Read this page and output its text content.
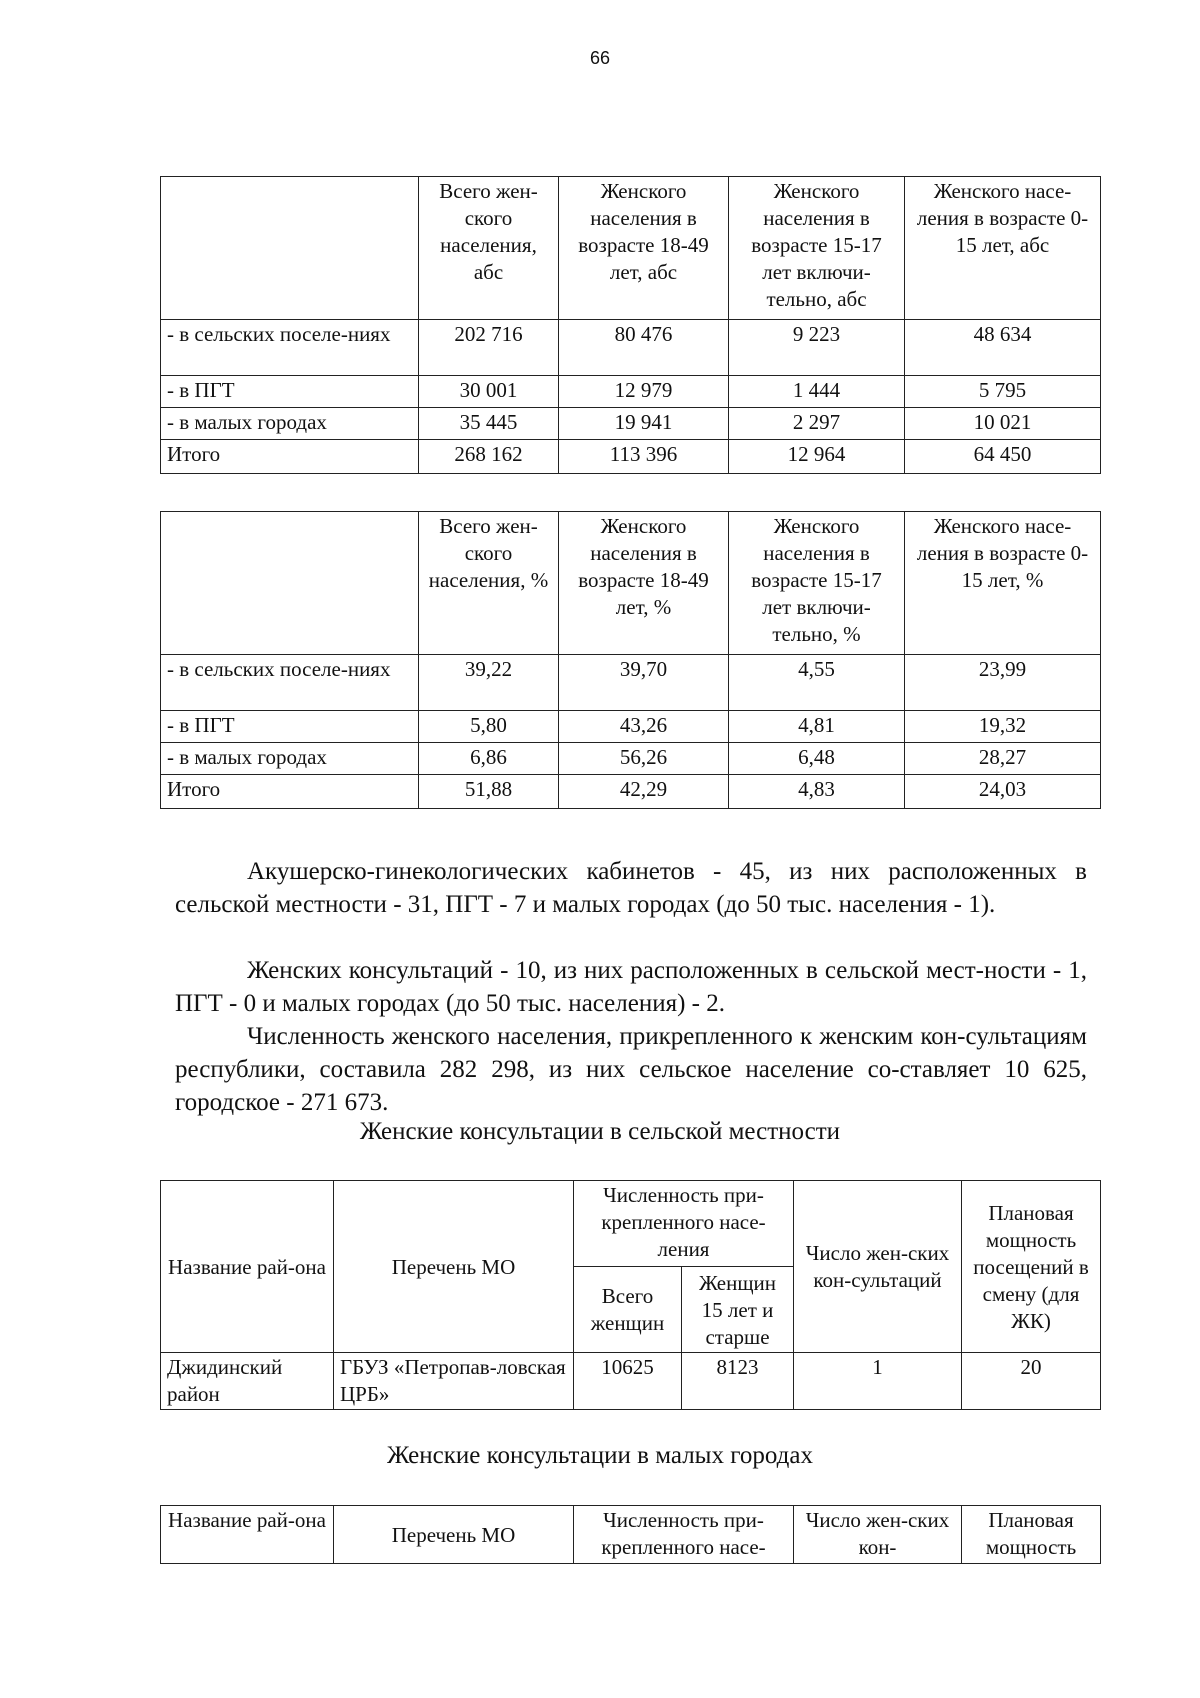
66
	Всего жен-ского населения, абс	Женского населения в возрасте 18-49 лет, абс	Женского населения в возрасте 15-17 лет включи-тельно, абс	Женского насе-ления в возрасте 0-15 лет, абс
- в сельских поселе-ниях	202 716	80 476	9 223	48 634
- в ПГТ	30 001	12 979	1 444	5 795
- в малых городах	35 445	19 941	2 297	10 021
Итого	268 162	113 396	12 964	64 450
	Всего жен-ского населения, %	Женского населения в возрасте 18-49 лет, %	Женского населения в возрасте 15-17 лет включи-тельно, %	Женского насе-ления в возрасте 0-15 лет, %
- в сельских поселе-ниях	39,22	39,70	4,55	23,99
- в ПГТ	5,80	43,26	4,81	19,32
- в малых городах	6,86	56,26	6,48	28,27
Итого	51,88	42,29	4,83	24,03

Акушерско-гинекологических кабинетов - 45, из них расположенных в сельской местности - 31, ПГТ - 7 и малых городах (до 50 тыс. населения - 1).

Женских консультаций - 10, из них расположенных в сельской мест-ности - 1, ПГТ - 0 и малых городах (до 50 тыс. населения) - 2.

Численность женского населения, прикрепленного к женским кон-сультациям республики, составила 282 298, из них сельское население со-ставляет 10 625, городское - 271 673.

Женские консультации в сельской местности

Название рай-она	Перечень МО	Численность при-крепленного насе-ления		Число жен-ских кон-сультаций	Плановая мощность посещений в смену (для ЖК)
		Всего женщин	Женщин 15 лет и старше		
Джидинский район	ГБУЗ «Петропав-ловская ЦРБ»	10625	8123	1	20

Женские консультации в малых городах

Название рай-она	Перечень МО	Численность при-крепленного насе-	Число жен-ских кон-	Плановая мощность
